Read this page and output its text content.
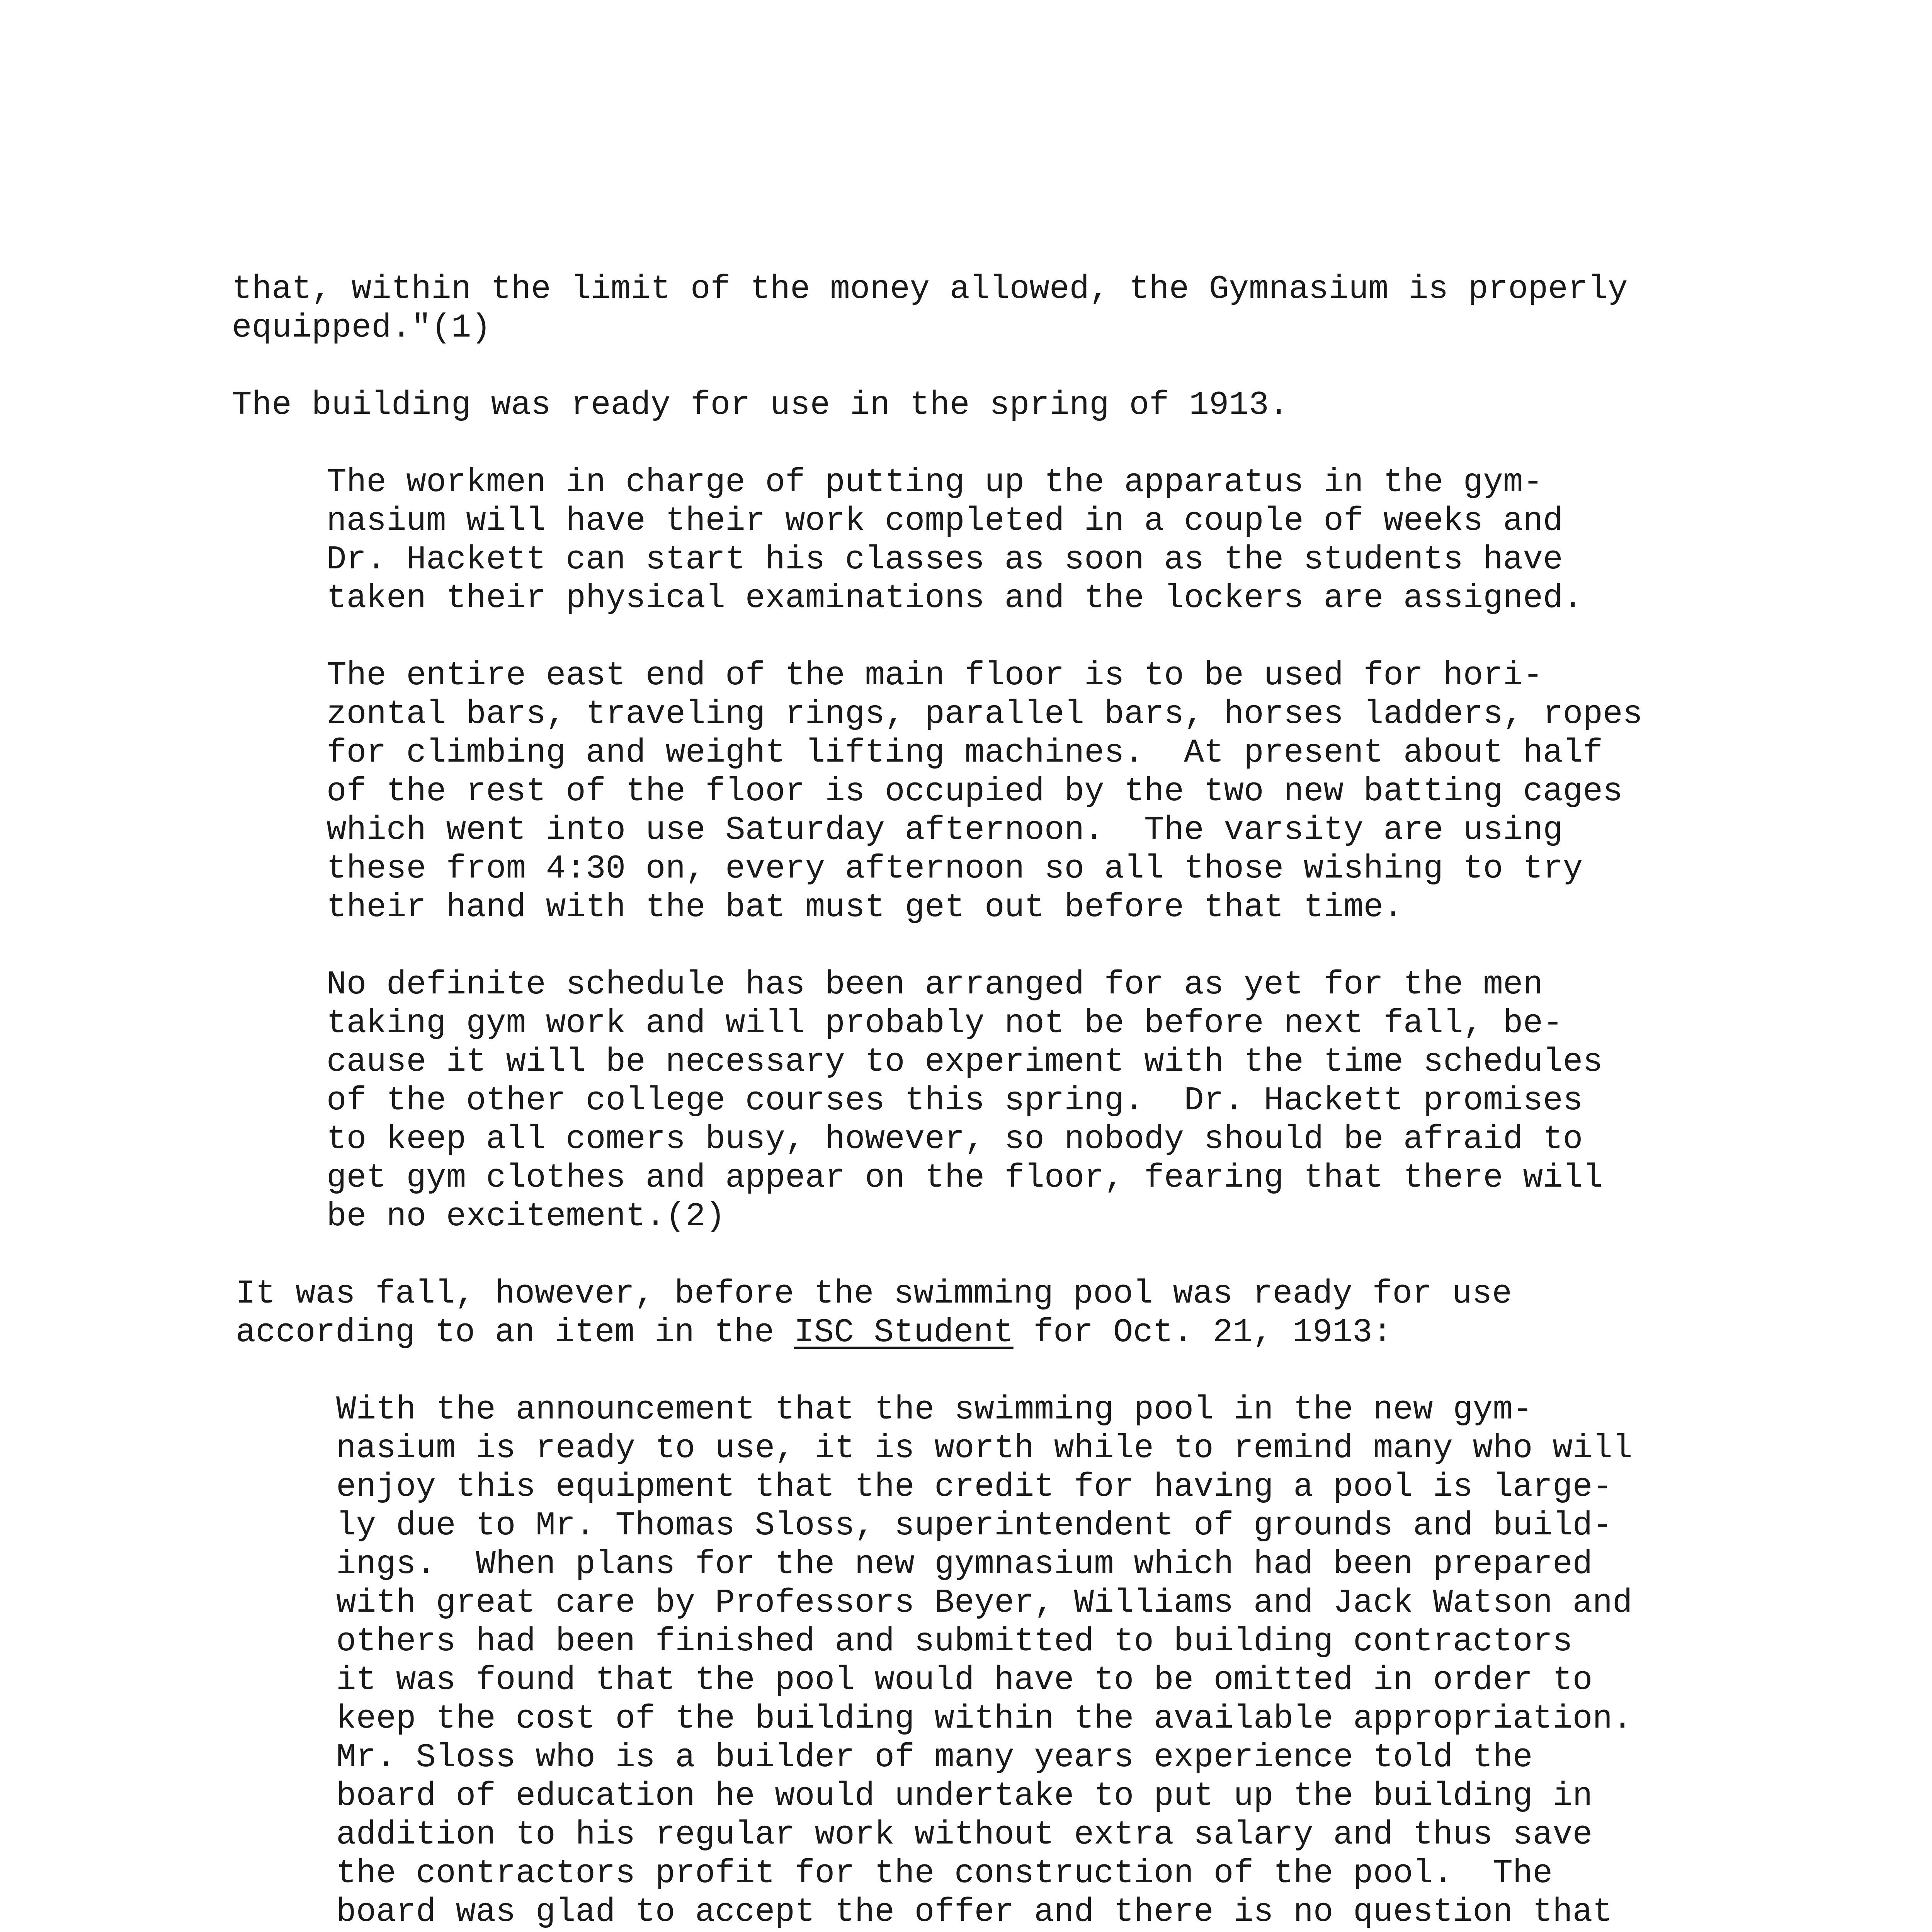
that, within the limit of the money allowed, the Gymnasium is properly
equipped."(1)
The building was ready for use in the spring of 1913.
The workmen in charge of putting up the apparatus in the gym-
nasium will have their work completed in a couple of weeks and
Dr. Hackett can start his classes as soon as the students have
taken their physical examinations and the lockers are assigned.
The entire east end of the main floor is to be used for hori-
zontal bars, traveling rings, parallel bars, horses ladders, ropes
for climbing and weight lifting machines.  At present about half
of the rest of the floor is occupied by the two new batting cages
which went into use Saturday afternoon.  The varsity are using
these from 4:30 on, every afternoon so all those wishing to try
their hand with the bat must get out before that time.
No definite schedule has been arranged for as yet for the men
taking gym work and will probably not be before next fall, be-
cause it will be necessary to experiment with the time schedules
of the other college courses this spring.  Dr. Hackett promises
to keep all comers busy, however, so nobody should be afraid to
get gym clothes and appear on the floor, fearing that there will
be no excitement.(2)
It was fall, however, before the swimming pool was ready for use
according to an item in the ISC Student for Oct. 21, 1913:
With the announcement that the swimming pool in the new gym-
nasium is ready to use, it is worth while to remind many who will
enjoy this equipment that the credit for having a pool is large-
ly due to Mr. Thomas Sloss, superintendent of grounds and build-
ings.  When plans for the new gymnasium which had been prepared
with great care by Professors Beyer, Williams and Jack Watson and
others had been finished and submitted to building contractors
it was found that the pool would have to be omitted in order to
keep the cost of the building within the available appropriation.
Mr. Sloss who is a builder of many years experience told the
board of education he would undertake to put up the building in
addition to his regular work without extra salary and thus save
the contractors profit for the construction of the pool.  The
board was glad to accept the offer and there is no question that
